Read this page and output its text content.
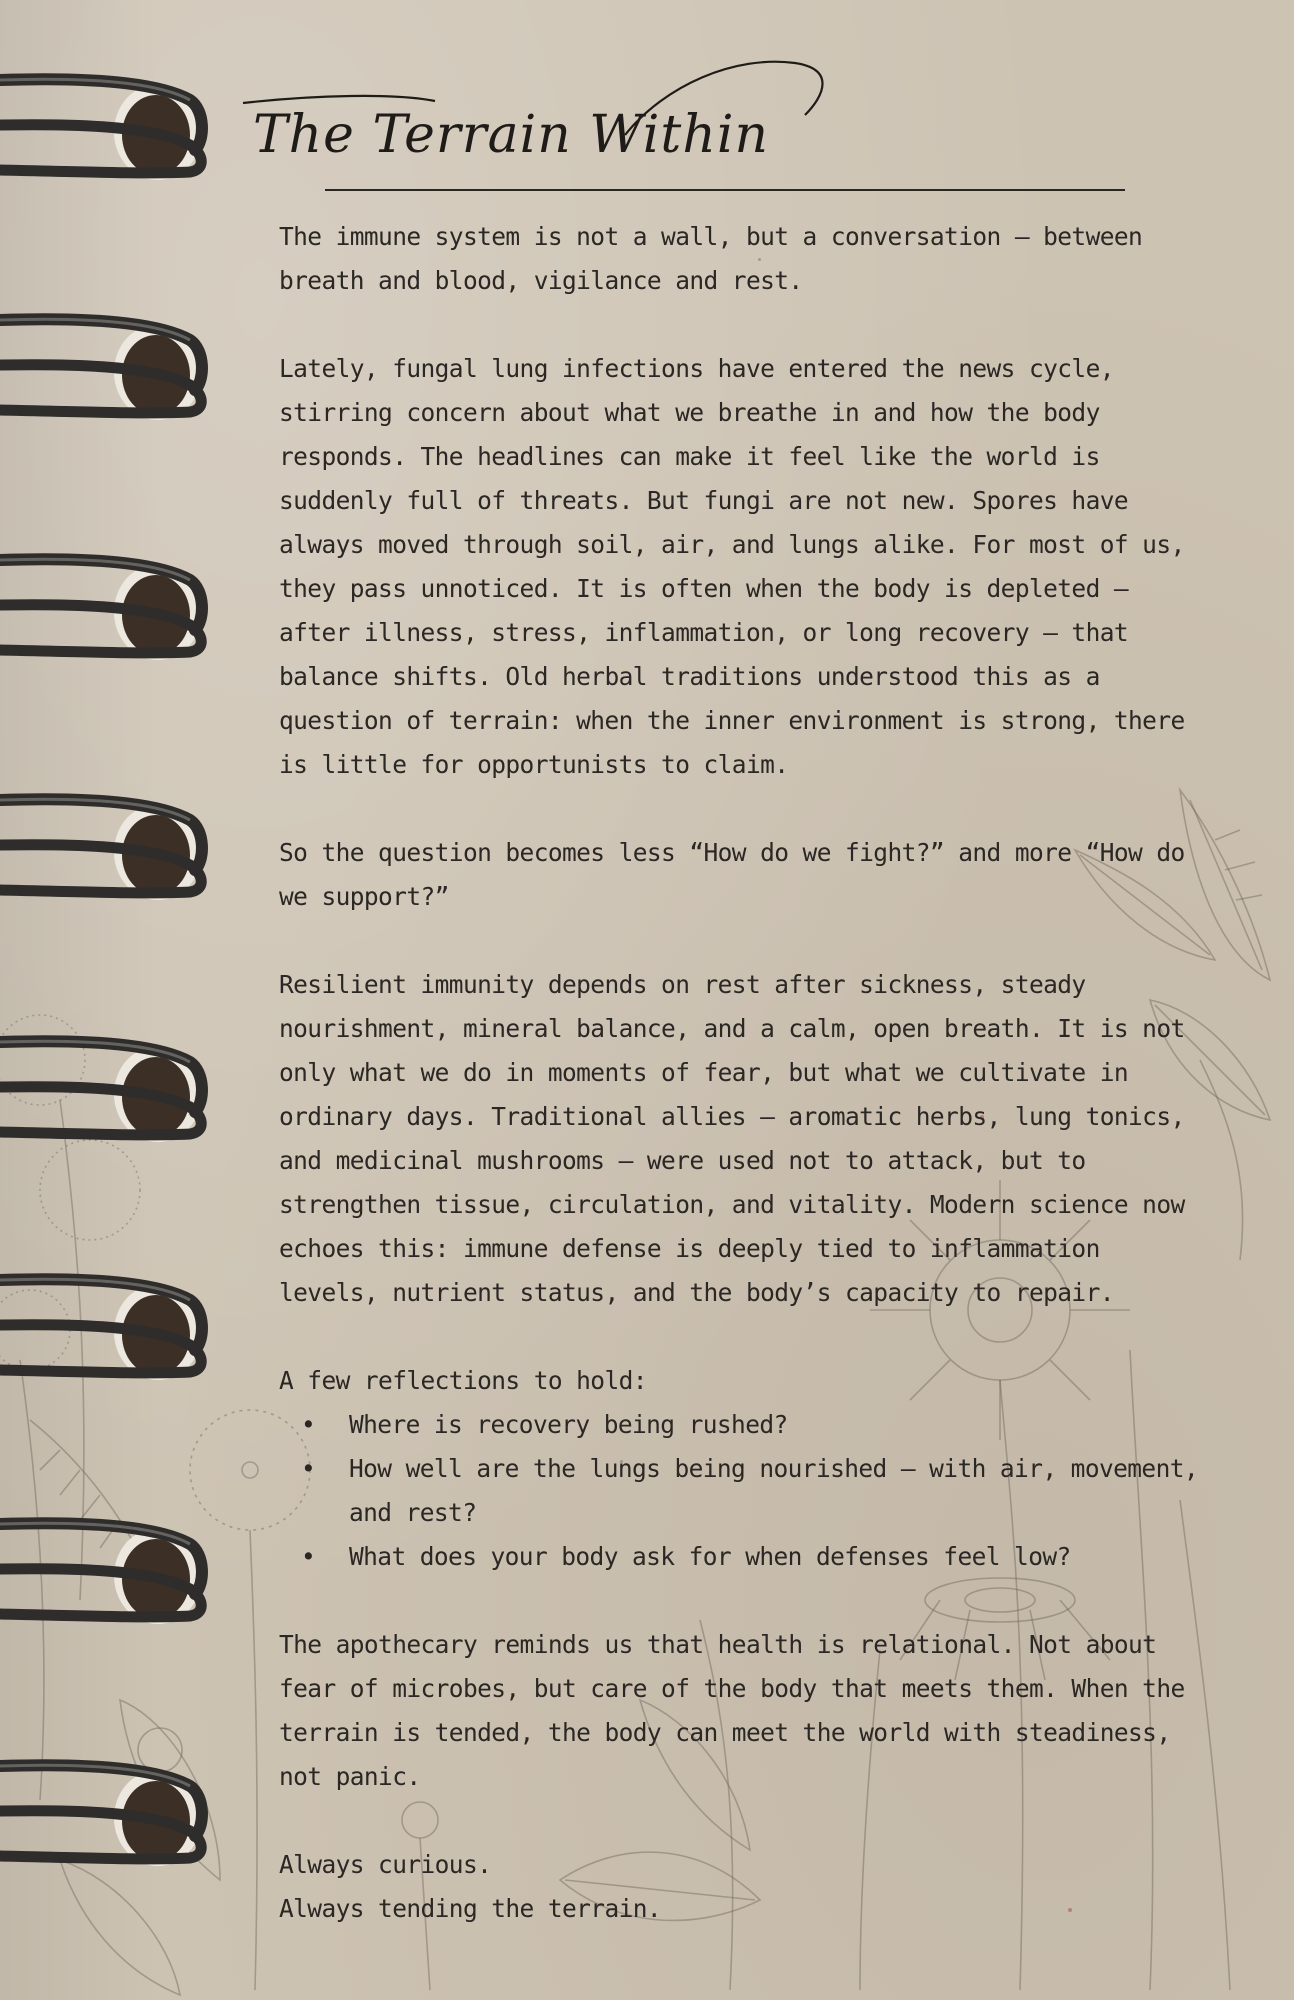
The Terrain Within

The immune system is not a wall, but a conversation — between breath and blood, vigilance and rest.

Lately, fungal lung infections have entered the news cycle, stirring concern about what we breathe in and how the body responds. The headlines can make it feel like the world is suddenly full of threats. But fungi are not new. Spores have always moved through soil, air, and lungs alike. For most of us, they pass unnoticed. It is often when the body is depleted — after illness, stress, inflammation, or long recovery — that balance shifts. Old herbal traditions understood this as a question of terrain: when the inner environment is strong, there is little for opportunists to claim.

So the question becomes less “How do we fight?” and more “How do we support?”

Resilient immunity depends on rest after sickness, steady nourishment, mineral balance, and a calm, open breath. It is not only what we do in moments of fear, but what we cultivate in ordinary days. Traditional allies — aromatic herbs, lung tonics, and medicinal mushrooms — were used not to attack, but to strengthen tissue, circulation, and vitality. Modern science now echoes this: immune defense is deeply tied to inflammation levels, nutrient status, and the body’s capacity to repair.

A few reflections to hold:

• Where is recovery being rushed?
• How well are the lungs being nourished — with air, movement, and rest?
• What does your body ask for when defenses feel low?

The apothecary reminds us that health is relational. Not about fear of microbes, but care of the body that meets them. When the terrain is tended, the body can meet the world with steadiness, not panic.

Always curious.

Always tending the terrain.
